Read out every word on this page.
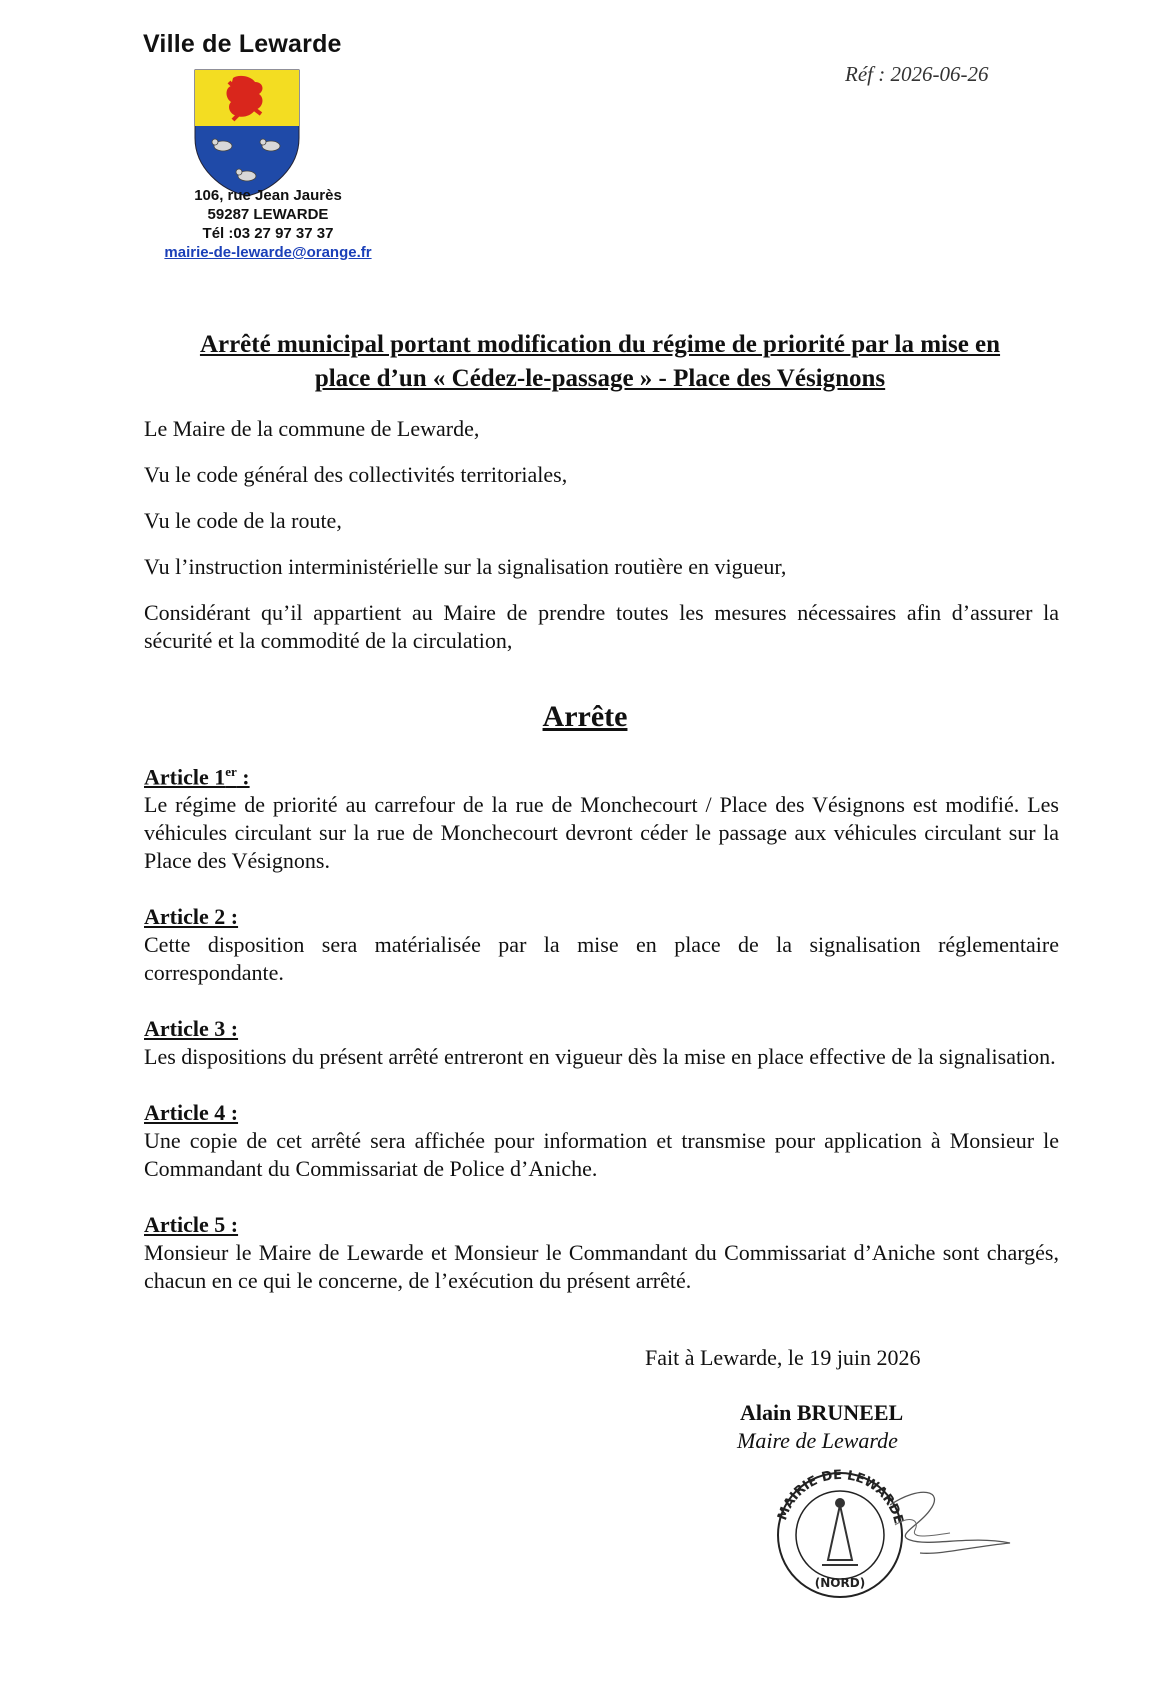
Ville de Lewarde
106, rue Jean Jaurès
59287 LEWARDE
Tél :03 27 97 37 37
mairie-de-lewarde@orange.fr
Réf : 2026-06-26
Arrêté municipal portant modification du régime de priorité par la mise en
place d’un « Cédez-le-passage » - Place des Vésignons

Le Maire de la commune de Lewarde,

Vu le code général des collectivités territoriales,

Vu le code de la route,

Vu l’instruction interministérielle sur la signalisation routière en vigueur,

Considérant qu’il appartient au Maire de prendre toutes les mesures nécessaires afin d’assurer la sécurité et la commodité de la circulation,

Arrête
Article 1er :
Le régime de priorité au carrefour de la rue de Monchecourt / Place des Vésignons est modifié. Les véhicules circulant sur la rue de Monchecourt devront céder le passage aux véhicules circulant sur la Place des Vésignons.
Article 2 :
Cette disposition sera matérialisée par la mise en place de la signalisation réglementaire correspondante.
Article 3 :
Les dispositions du présent arrêté entreront en vigueur dès la mise en place effective de la signalisation.
Article 4 :
Une copie de cet arrêté sera affichée pour information et transmise pour application à Monsieur le Commandant du Commissariat de Police d’Aniche.
Article 5 :
Monsieur le Maire de Lewarde et Monsieur le Commandant du Commissariat d’Aniche sont chargés, chacun en ce qui le concerne, de l’exécution du présent arrêté.
Fait à Lewarde, le 19 juin 2026
Alain BRUNEEL
Maire de Lewarde
MAIRIE DE LEWARDE
(NORD)
